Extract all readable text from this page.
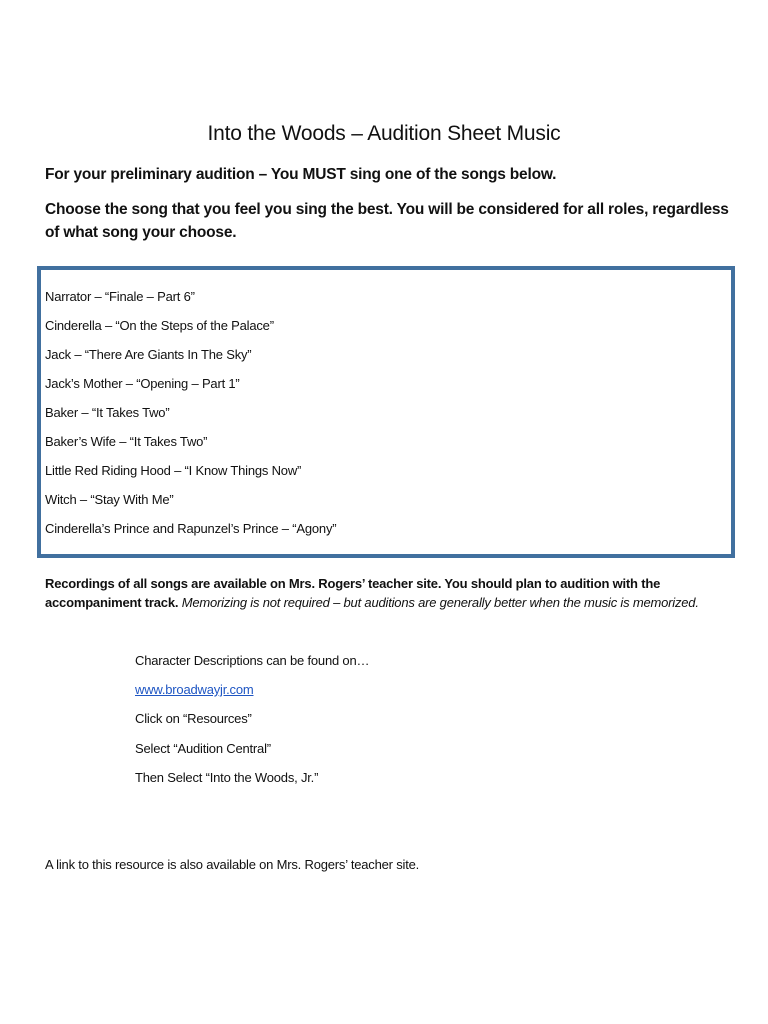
Into the Woods – Audition Sheet Music
For your preliminary audition – You MUST sing one of the songs below.
Choose the song that you feel you sing the best. You will be considered for all roles, regardless of what song your choose.
Narrator – “Finale – Part 6”
Cinderella – “On the Steps of the Palace”
Jack – “There Are Giants In The Sky”
Jack’s Mother – “Opening – Part 1”
Baker – “It Takes Two”
Baker’s Wife – “It Takes Two”
Little Red Riding Hood – “I Know Things Now”
Witch – “Stay With Me”
Cinderella’s Prince and Rapunzel’s Prince – “Agony”
Recordings of all songs are available on Mrs. Rogers’ teacher site. You should plan to audition with the accompaniment track. Memorizing is not required – but auditions are generally better when the music is memorized.
Character Descriptions can be found on…
www.broadwayjr.com
Click on “Resources”
Select “Audition Central”
Then Select “Into the Woods, Jr.”
A link to this resource is also available on Mrs. Rogers’ teacher site.
